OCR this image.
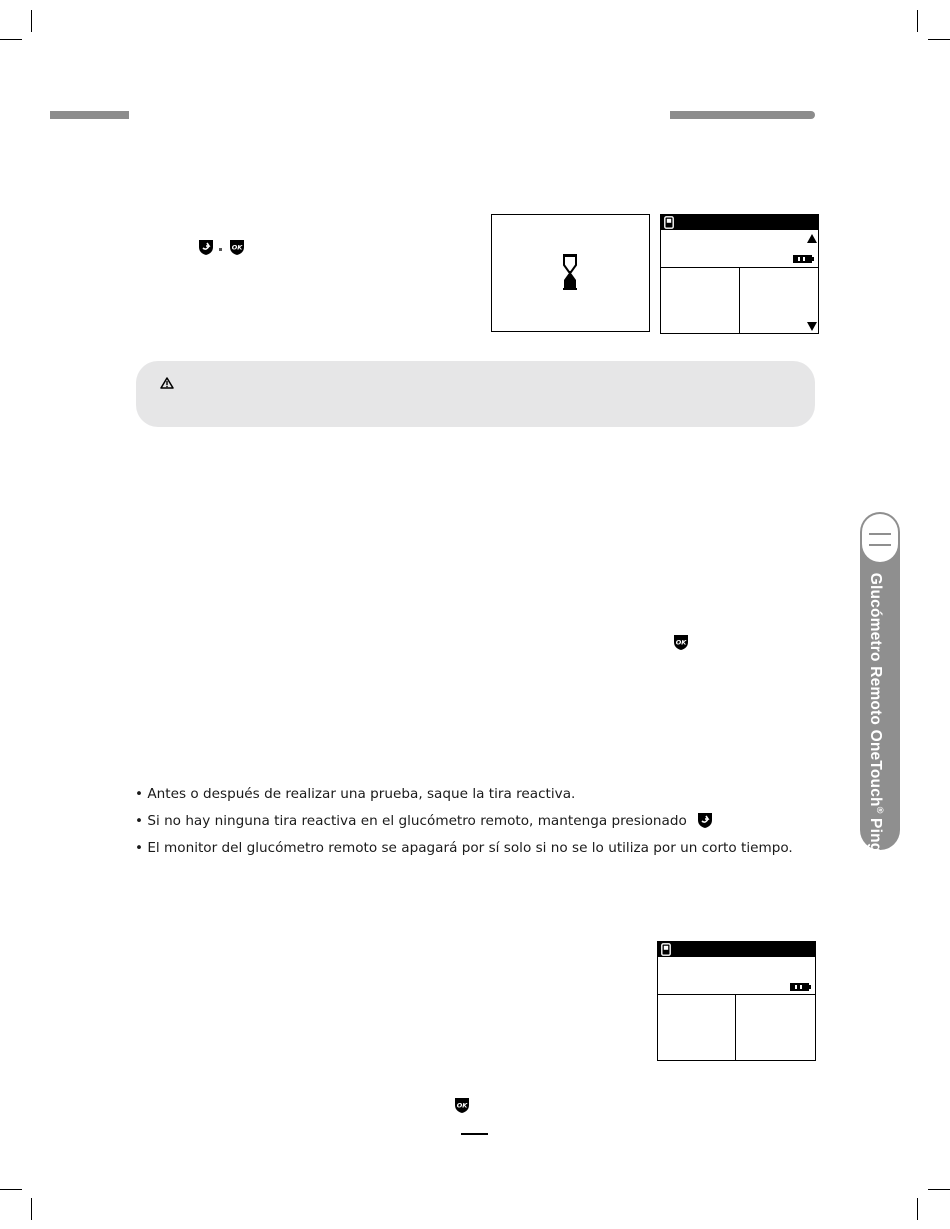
OK
OK
• Antes o después de realizar una prueba, saque la tira reactiva.
• Si no hay ninguna tira reactiva en el glucómetro remoto, mantenga presionado
• El monitor del glucómetro remoto se apagará por sí solo si no se lo utiliza por un corto tiempo.
OK
Glucómetro Remoto OneTouch® Ping®
